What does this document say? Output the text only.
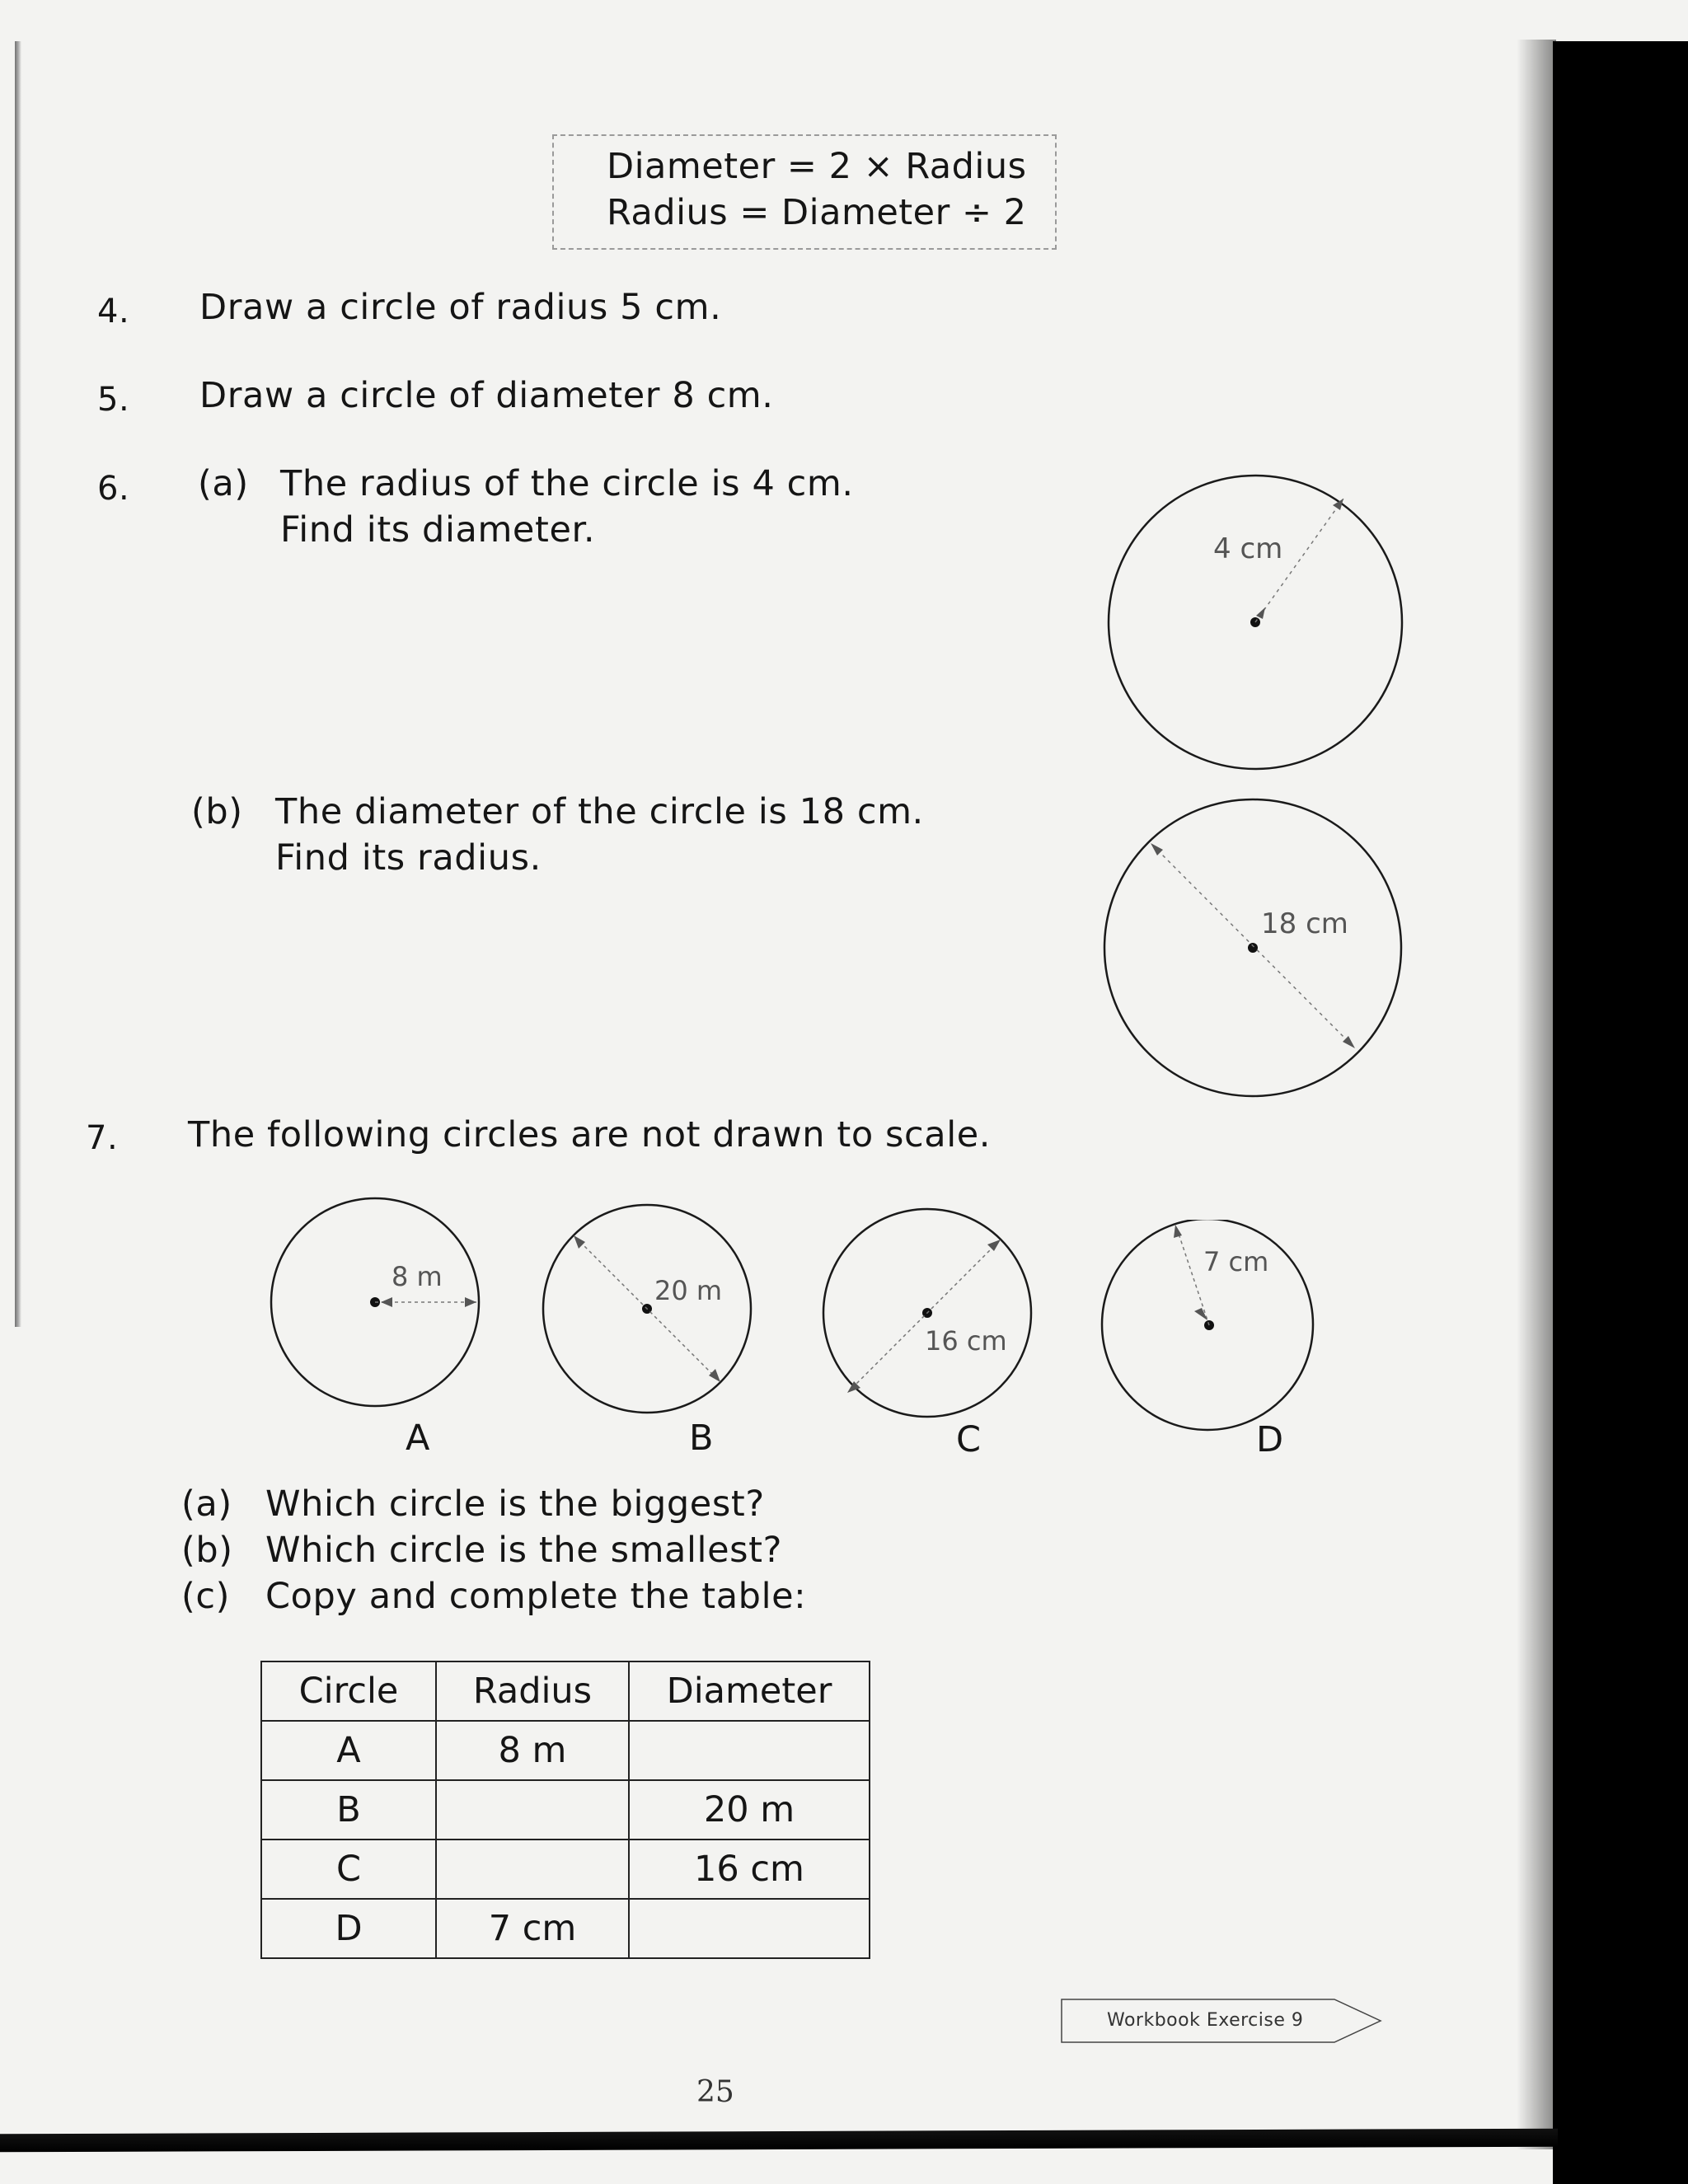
Diameter = 2 × Radius
Radius = Diameter ÷ 2
4. Draw a circle of radius 5 cm.
5. Draw a circle of diameter 8 cm.
6. (a) The radius of the circle is 4 cm.
Find its diameter.
(b) The diameter of the circle is 18 cm.
Find its radius.
4 cm
18 cm
7. The following circles are not drawn to scale.
8 m
A
20 m
B
16 cm
C
7 cm
D
(a) Which circle is the biggest?
(b) Which circle is the smallest?
(c) Copy and complete the table:
Circle	Radius	Diameter
A	8 m	
B		20 m
C		16 cm
D	7 cm	
Workbook Exercise 9
25
